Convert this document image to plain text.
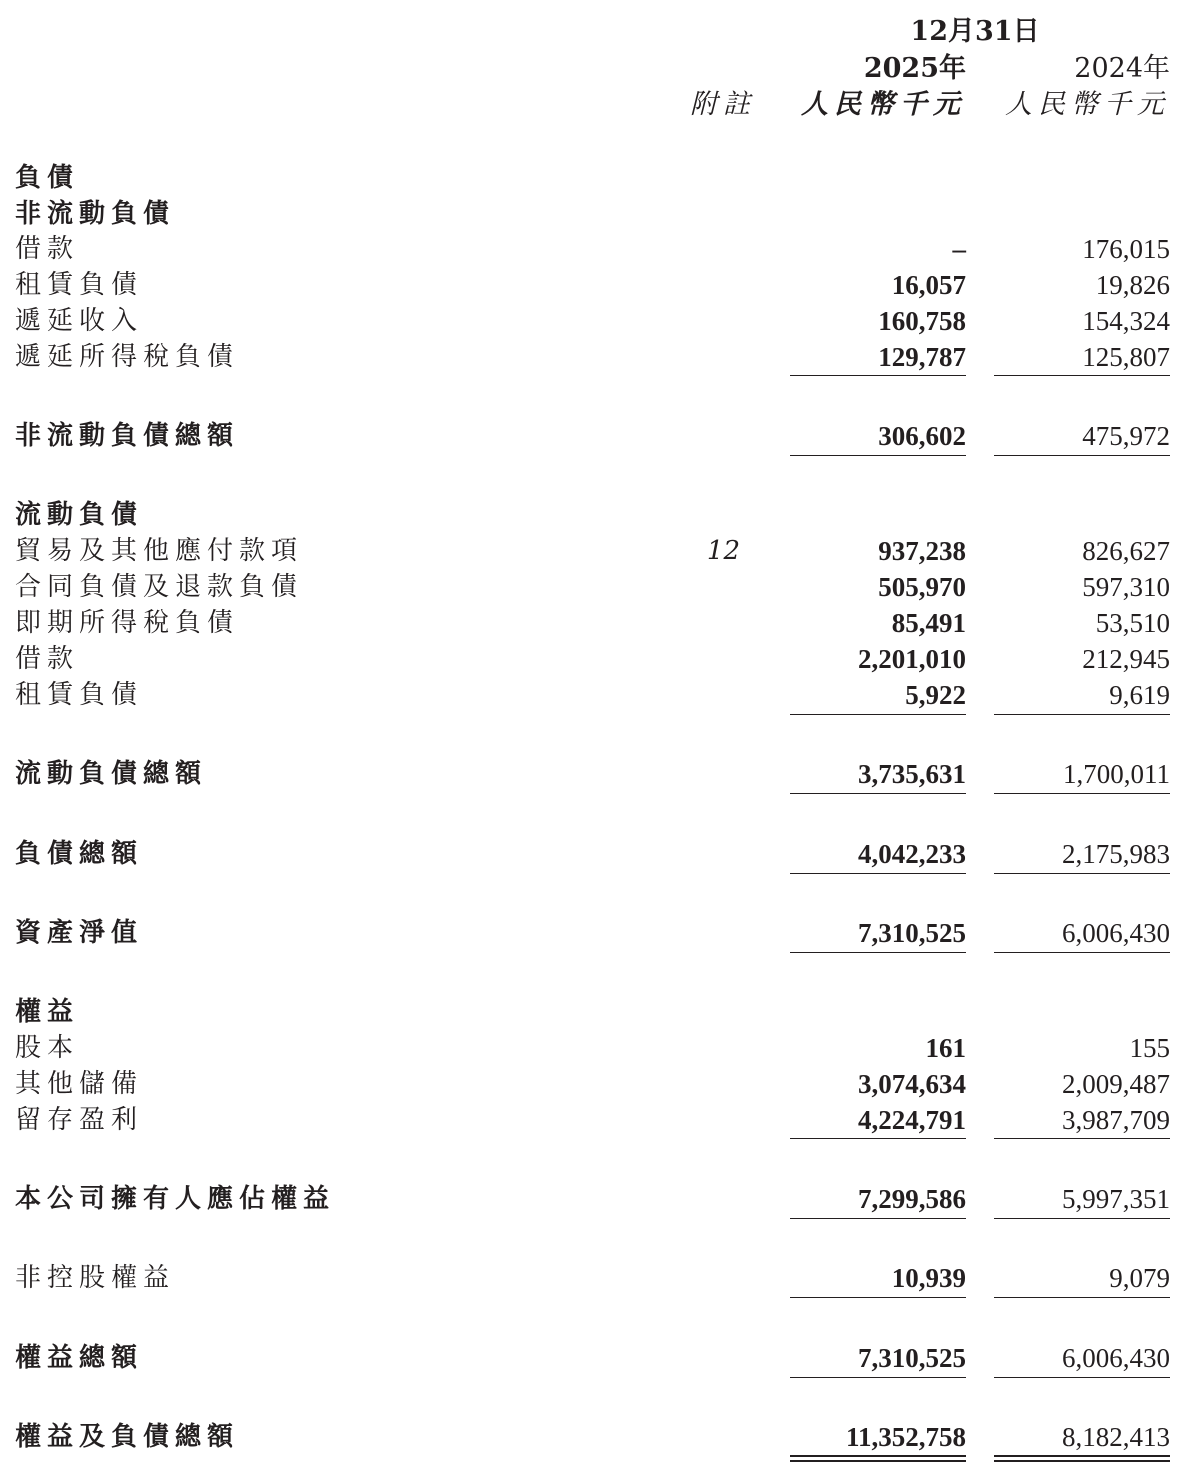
12月31日
2025年	2024年
附註	人民幣千元	人民幣千元
負債
非流動負債
借款	–	176,015
租賃負債	16,057	19,826
遞延收入	160,758	154,324
遞延所得稅負債	129,787	125,807
非流動負債總額	306,602	475,972
流動負債
貿易及其他應付款項	12	937,238	826,627
合同負債及退款負債	505,970	597,310
即期所得稅負債	85,491	53,510
借款	2,201,010	212,945
租賃負債	5,922	9,619
流動負債總額	3,735,631	1,700,011
負債總額	4,042,233	2,175,983
資產淨值	7,310,525	6,006,430
權益
股本	161	155
其他儲備	3,074,634	2,009,487
留存盈利	4,224,791	3,987,709
本公司擁有人應佔權益	7,299,586	5,997,351
非控股權益	10,939	9,079
權益總額	7,310,525	6,006,430
權益及負債總額	11,352,758	8,182,413
